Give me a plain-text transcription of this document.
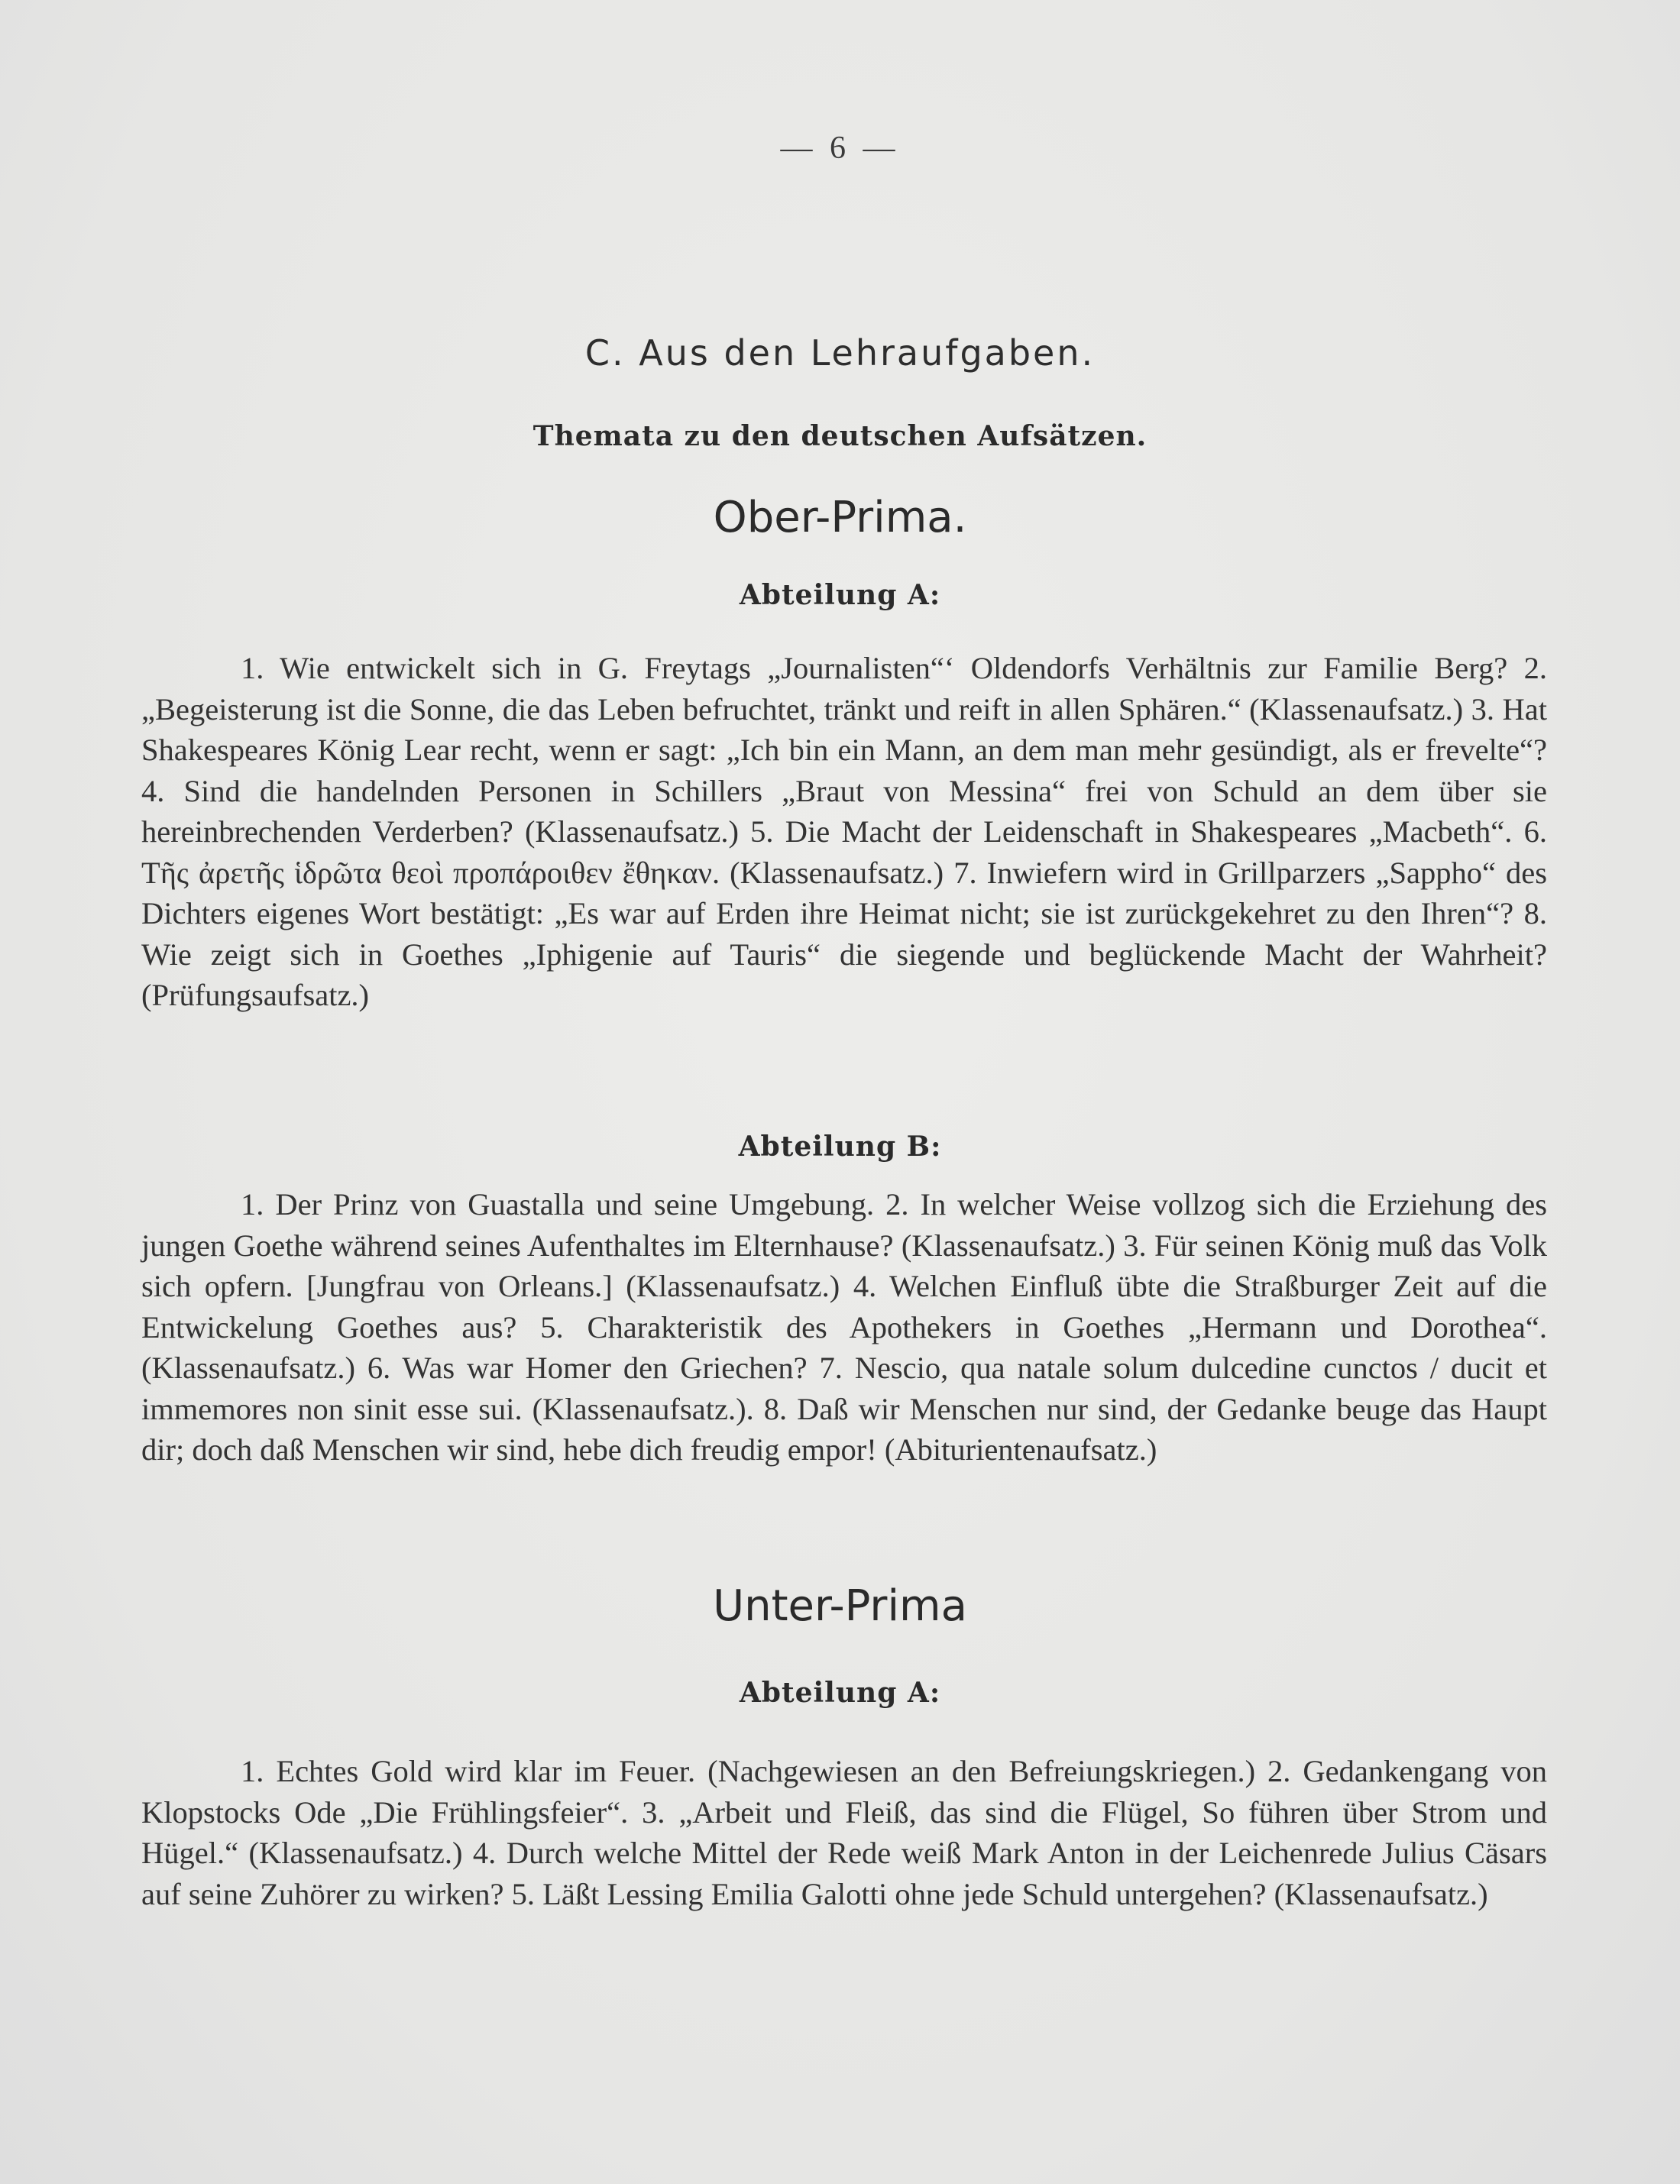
— 6 —
C. Aus den Lehraufgaben.
Themata zu den deutschen Aufsätzen.
Ober-Prima.
Abteilung A:
1. Wie entwickelt sich in G. Freytags „Journalisten“‘ Oldendorfs Verhältnis zur Familie Berg? 2. „Begeisterung ist die Sonne, die das Leben befruchtet, tränkt und reift in allen Sphären.“ (Klassenaufsatz.) 3. Hat Shakespeares König Lear recht, wenn er sagt: „Ich bin ein Mann, an dem man mehr gesündigt, als er frevelte“? 4. Sind die handelnden Personen in Schillers „Braut von Messina“ frei von Schuld an dem über sie hereinbrechenden Verderben? (Klassenaufsatz.) 5. Die Macht der Leidenschaft in Shakespeares „Macbeth“. 6. Τῆς ἀρετῆς ἱδρῶτα θεοὶ προπάροιθεν ἔθηκαν. (Klassenaufsatz.) 7. Inwiefern wird in Grillparzers „Sappho“ des Dichters eigenes Wort bestätigt: „Es war auf Erden ihre Heimat nicht; sie ist zurückgekehret zu den Ihren“? 8. Wie zeigt sich in Goethes „Iphigenie auf Tauris“ die siegende und beglückende Macht der Wahrheit? (Prüfungsaufsatz.)
Abteilung B:
1. Der Prinz von Guastalla und seine Umgebung. 2. In welcher Weise vollzog sich die Erziehung des jungen Goethe während seines Aufenthaltes im Elternhause? (Klassenaufsatz.) 3. Für seinen König muß das Volk sich opfern. [Jungfrau von Orleans.] (Klassenaufsatz.) 4. Welchen Einfluß übte die Straßburger Zeit auf die Entwickelung Goethes aus? 5. Charakteristik des Apothekers in Goethes „Hermann und Dorothea“. (Klassenaufsatz.) 6. Was war Homer den Griechen? 7. Nescio, qua natale solum dulcedine cunctos / ducit et immemores non sinit esse sui. (Klassenaufsatz.). 8. Daß wir Menschen nur sind, der Gedanke beuge das Haupt dir; doch daß Menschen wir sind, hebe dich freudig empor! (Abiturientenaufsatz.)
Unter-Prima
Abteilung A:
1. Echtes Gold wird klar im Feuer. (Nachgewiesen an den Befreiungskriegen.) 2. Gedankengang von Klopstocks Ode „Die Frühlingsfeier“. 3. „Arbeit und Fleiß, das sind die Flügel, So führen über Strom und Hügel.“ (Klassenaufsatz.) 4. Durch welche Mittel der Rede weiß Mark Anton in der Leichenrede Julius Cäsars auf seine Zuhörer zu wirken? 5. Läßt Lessing Emilia Galotti ohne jede Schuld untergehen? (Klassenaufsatz.)
